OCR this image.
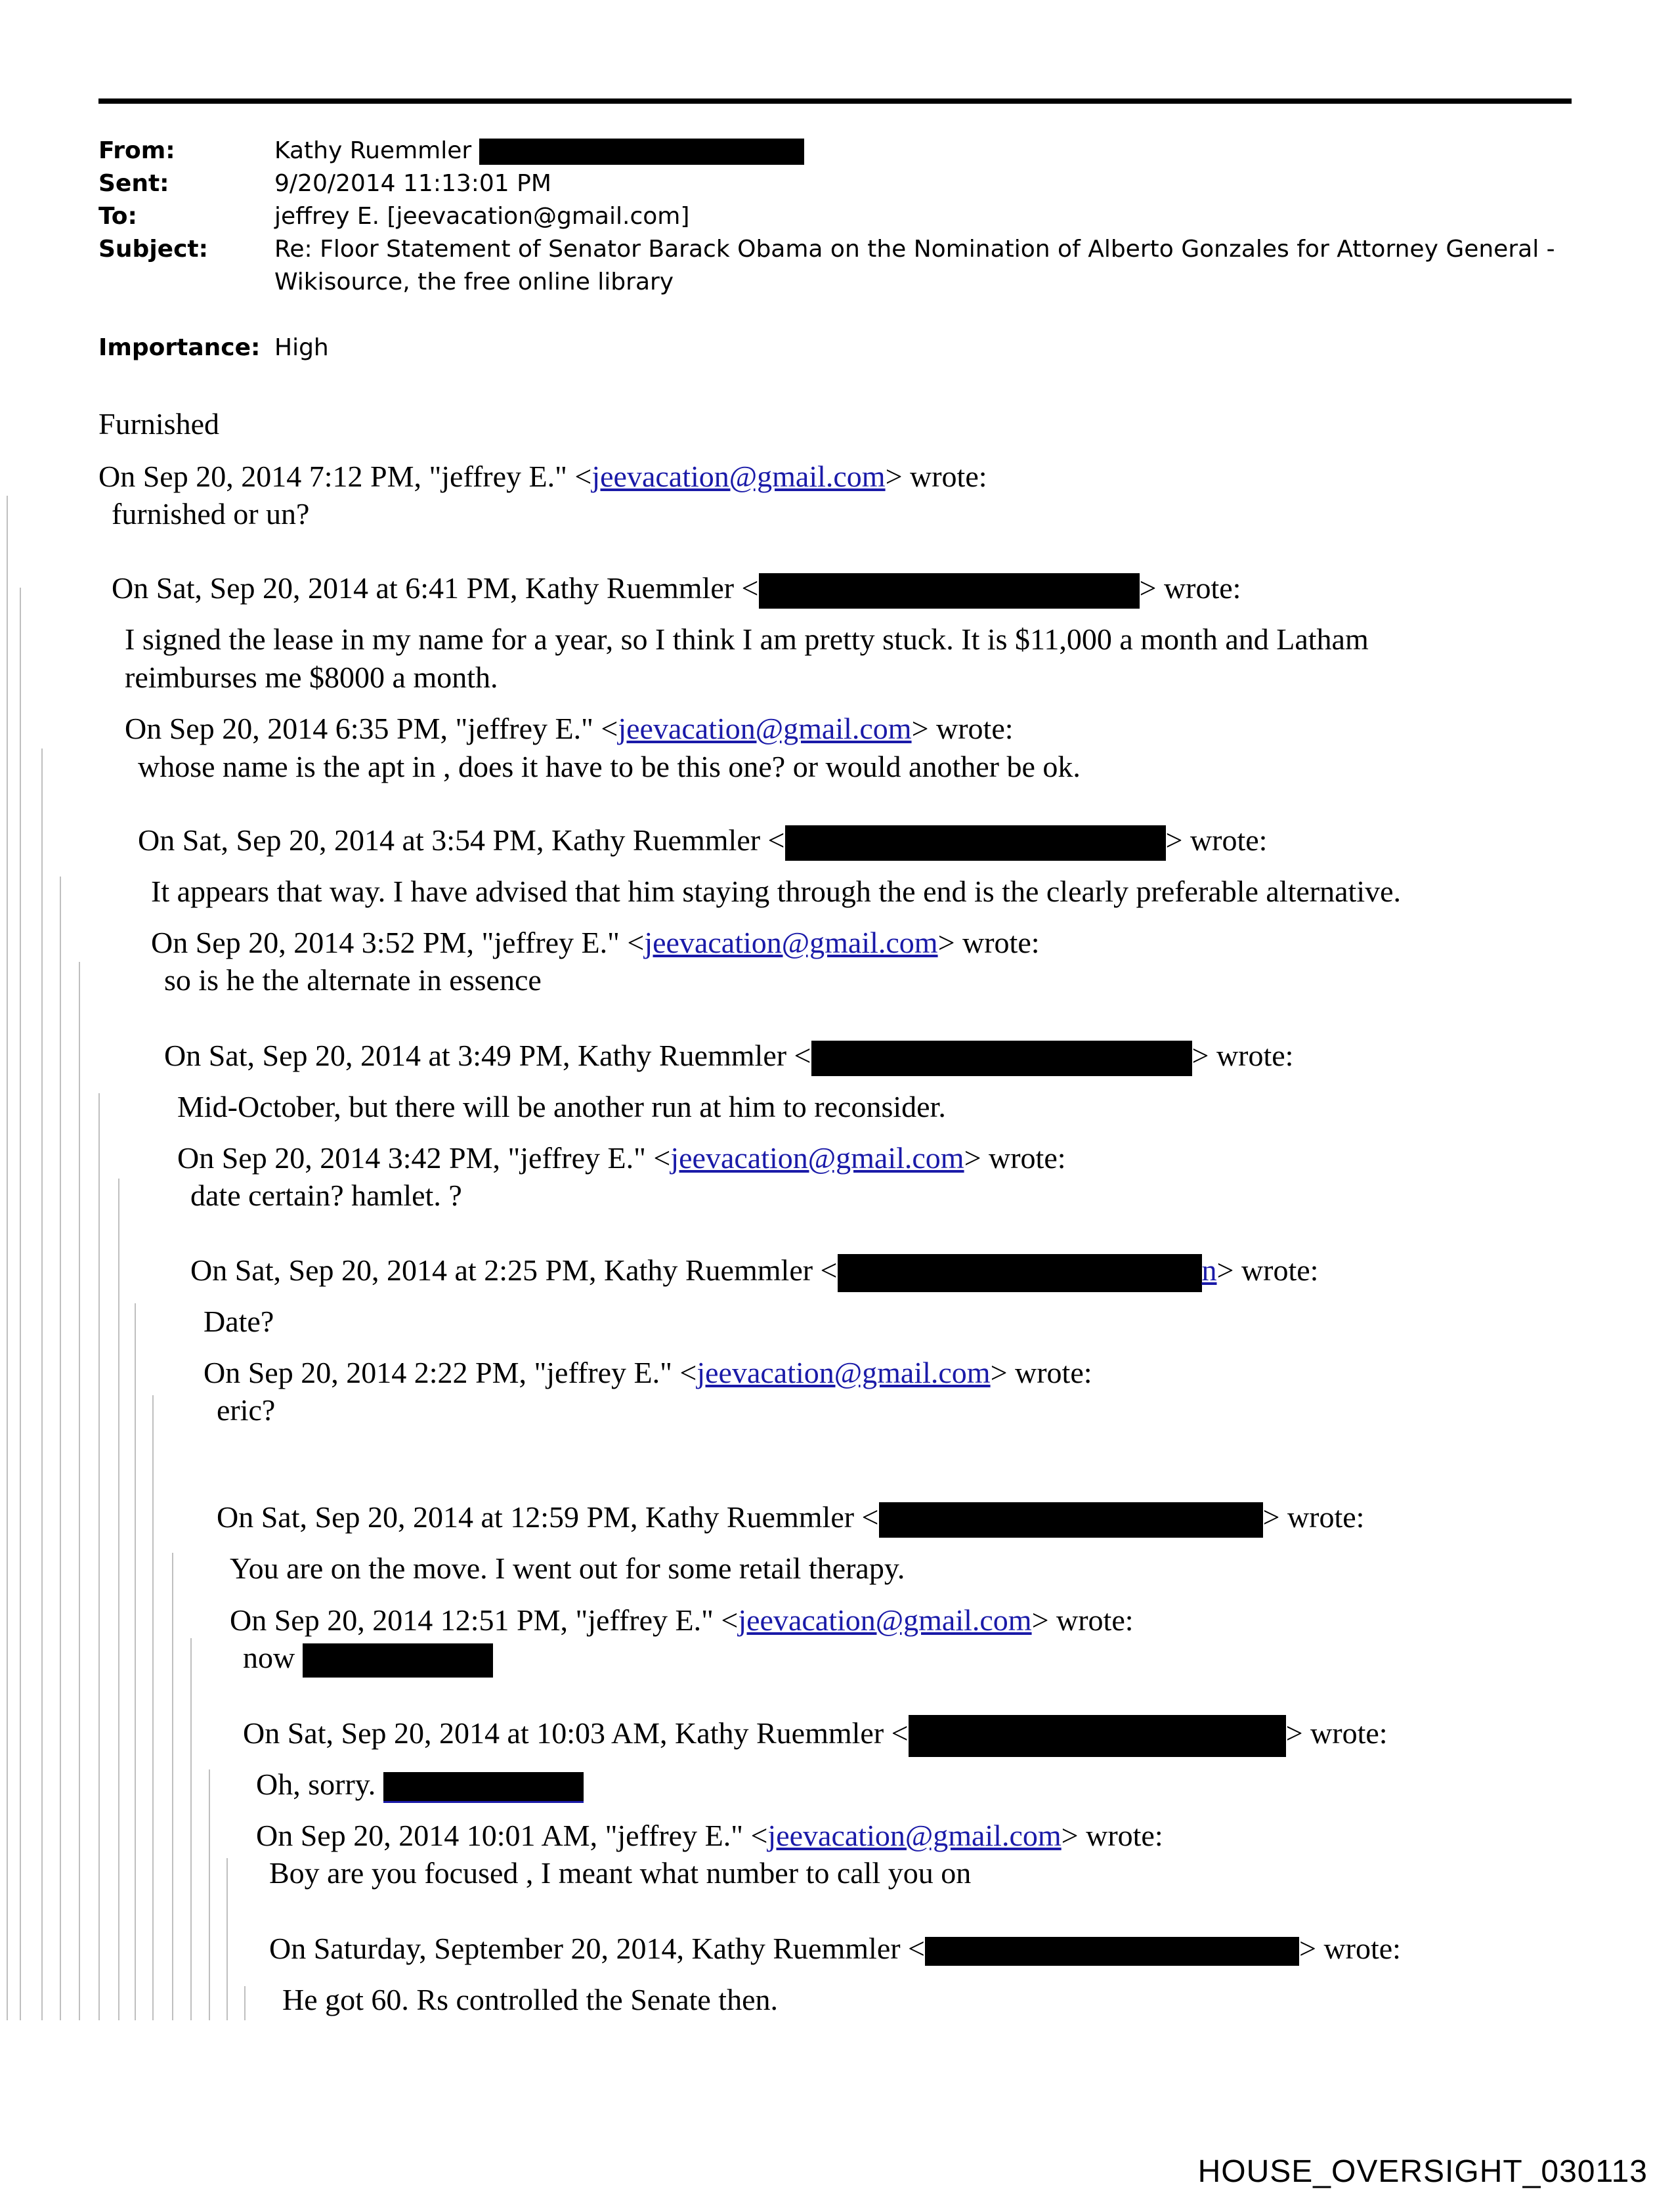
From:	Kathy Ruemmler
Sent:	9/20/2014 11:13:01 PM
To:	jeffrey E. [jeevacation@gmail.com]
Subject:	Re: Floor Statement of Senator Barack Obama on the Nomination of Alberto Gonzales for Attorney General -
Wikisource, the free online library
Importance: High
Furnished
On Sep 20, 2014 7:12 PM, "jeffrey E." <jeevacation@gmail.com> wrote:
furnished or un?
On Sat, Sep 20, 2014 at 6:41 PM, Kathy Ruemmler <	> wrote:
I signed the lease in my name for a year, so I think I am pretty stuck. It is $11,000 a month and Latham
reimburses me $8000 a month.
On Sep 20, 2014 6:35 PM, "jeffrey E." <jeevacation@gmail.com> wrote:
whose name is the apt in , does it have to be this one? or would another be ok.
On Sat, Sep 20, 2014 at 3:54 PM, Kathy Ruemmler <	> wrote:
It appears that way. I have advised that him staying through the end is the clearly preferable alternative.
On Sep 20, 2014 3:52 PM, "jeffrey E." <jeevacation@gmail.com> wrote:
so is he the alternate in essence
On Sat, Sep 20, 2014 at 3:49 PM, Kathy Ruemmler <	> wrote:
Mid-October, but there will be another run at him to reconsider.
On Sep 20, 2014 3:42 PM, "jeffrey E." <jeevacation@gmail.com> wrote:
date certain? hamlet. ?
On Sat, Sep 20, 2014 at 2:25 PM, Kathy Ruemmler <	n> wrote:
Date?
On Sep 20, 2014 2:22 PM, "jeffrey E." <jeevacation@gmail.com> wrote:
eric?
On Sat, Sep 20, 2014 at 12:59 PM, Kathy Ruemmler <	> wrote:
You are on the move. I went out for some retail therapy.
On Sep 20, 2014 12:51 PM, "jeffrey E." <jeevacation@gmail.com> wrote:
now
On Sat, Sep 20, 2014 at 10:03 AM, Kathy Ruemmler <	> wrote:
Oh, sorry.
On Sep 20, 2014 10:01 AM, "jeffrey E." <jeevacation@gmail.com> wrote:
Boy are you focused , I meant what number to call you on
On Saturday, September 20, 2014, Kathy Ruemmler <	> wrote:
He got 60. Rs controlled the Senate then.
HOUSE_OVERSIGHT_030113
